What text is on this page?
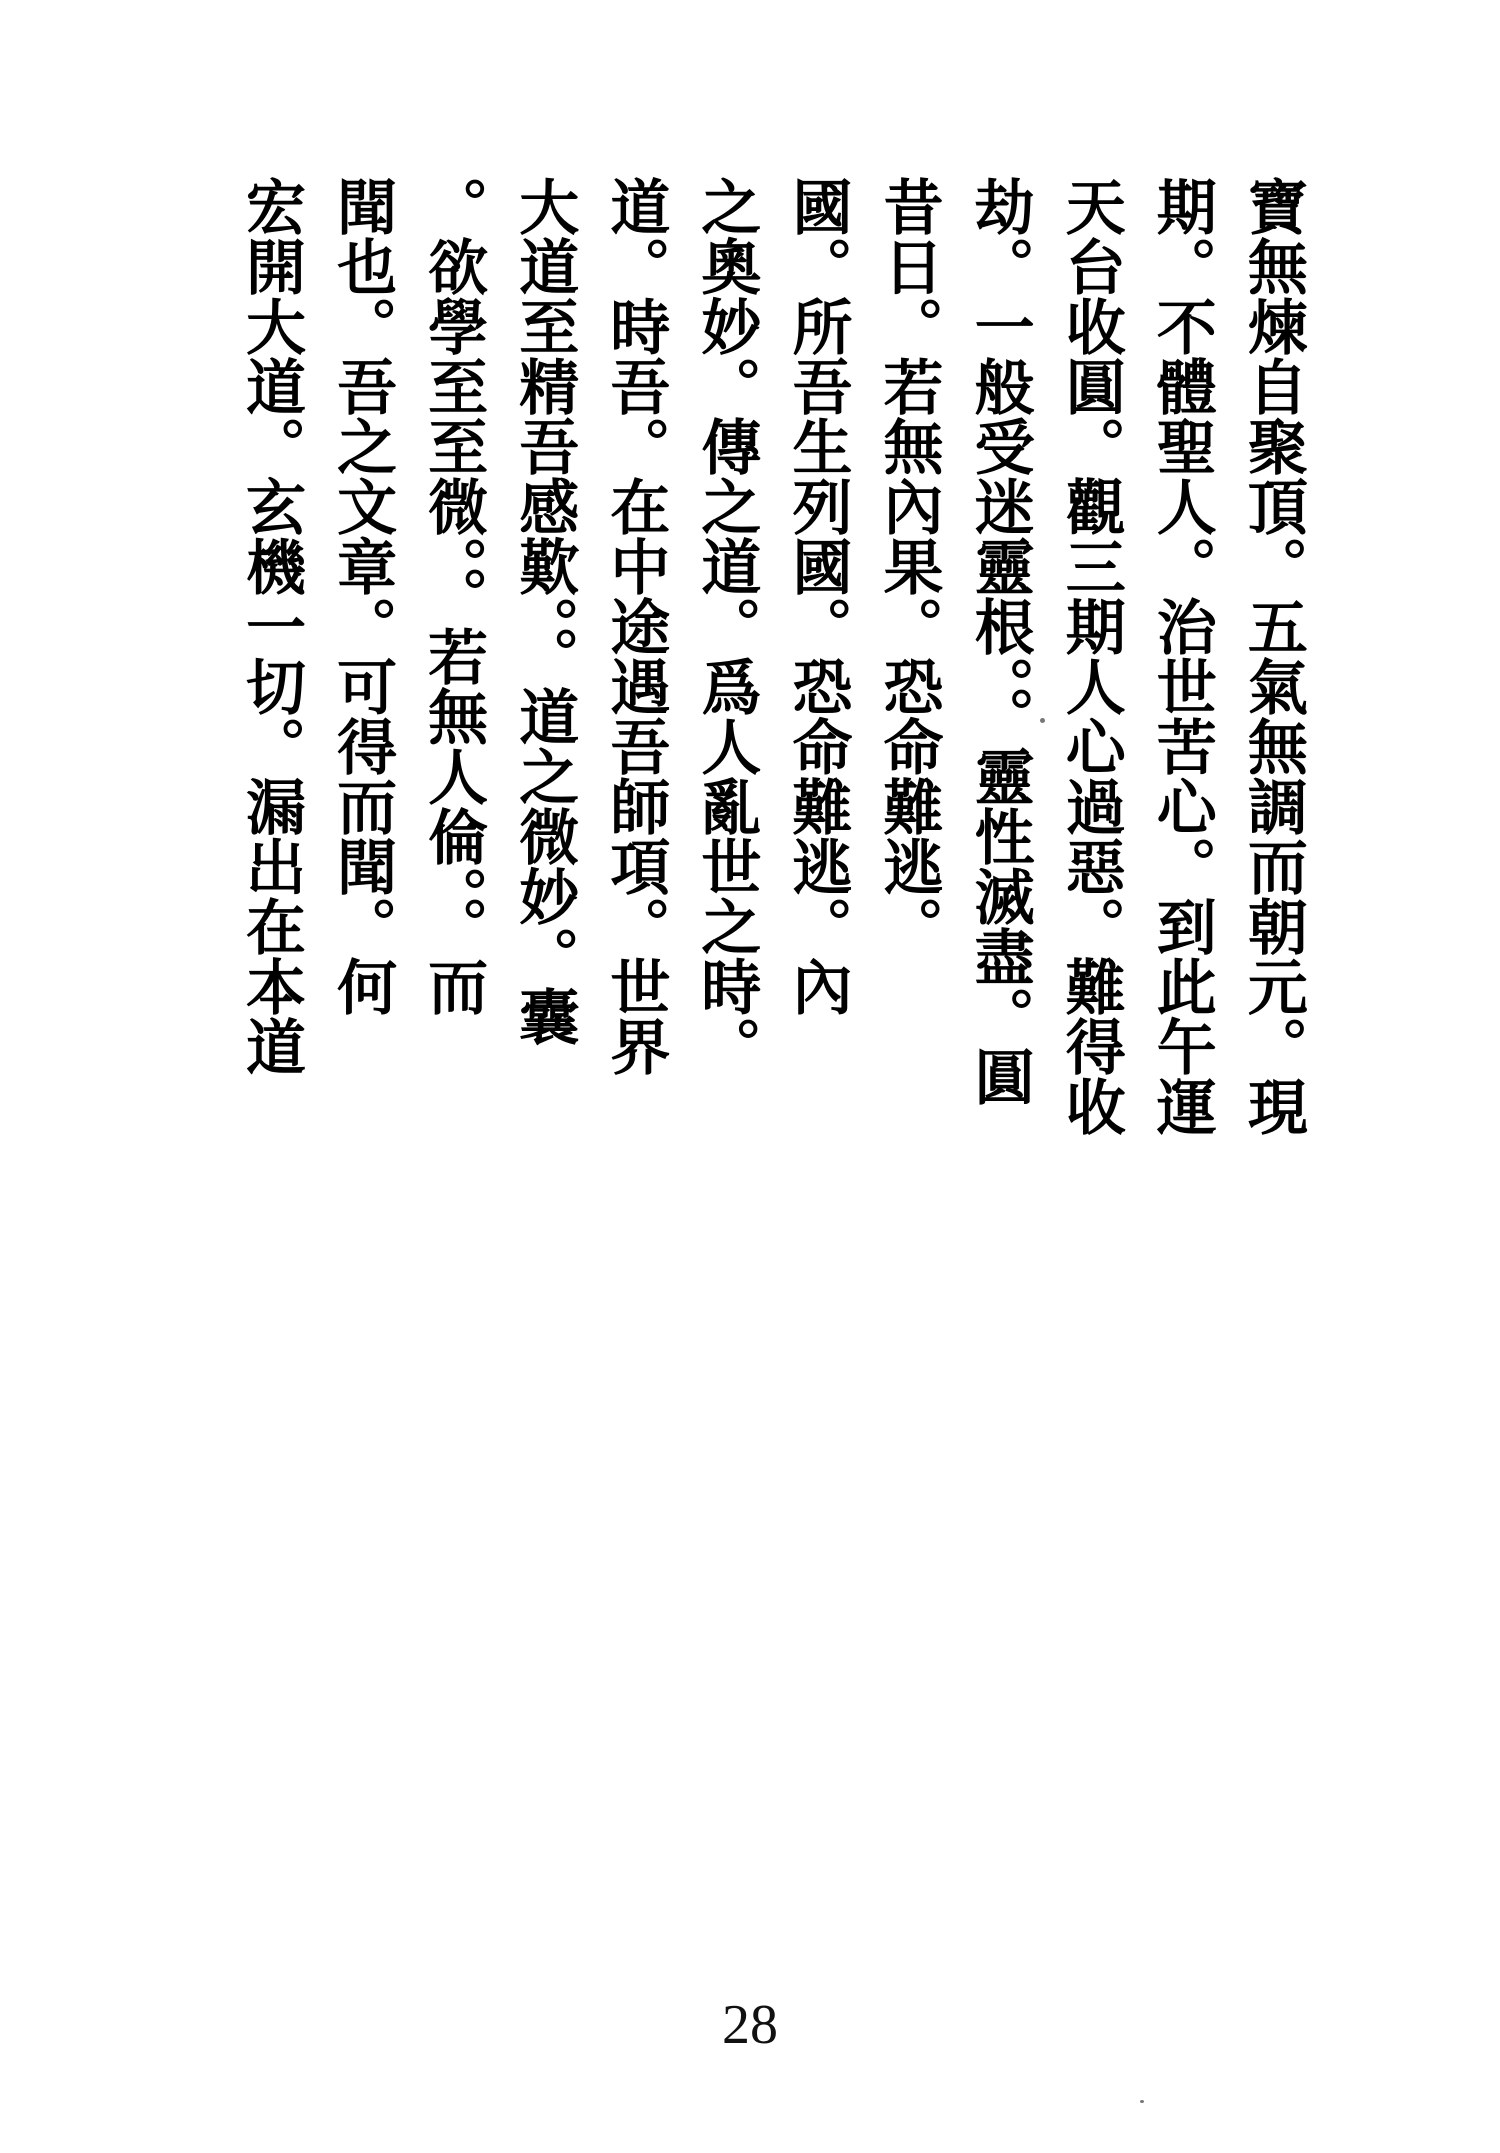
寶無煉自聚頂。五氣無調而朝元。現
期。不體聖人。治世苦心。到此午運
天台收圓。觀三期人心過惡。難得收
劫。一般受迷靈根。。靈性滅盡。圓
昔日。若無內果。恐命難逃。
國。所吾生列國。恐命難逃。內
之奧妙。傳之道。爲人亂世之時。
道。時吾。在中途遇吾師項。世界
大道至精吾感歎。。道之微妙。囊
。欲學至至微。。若無人倫。。而
聞也。吾之文章。可得而聞。何
宏開大道。玄機一切。漏出在本道
28
